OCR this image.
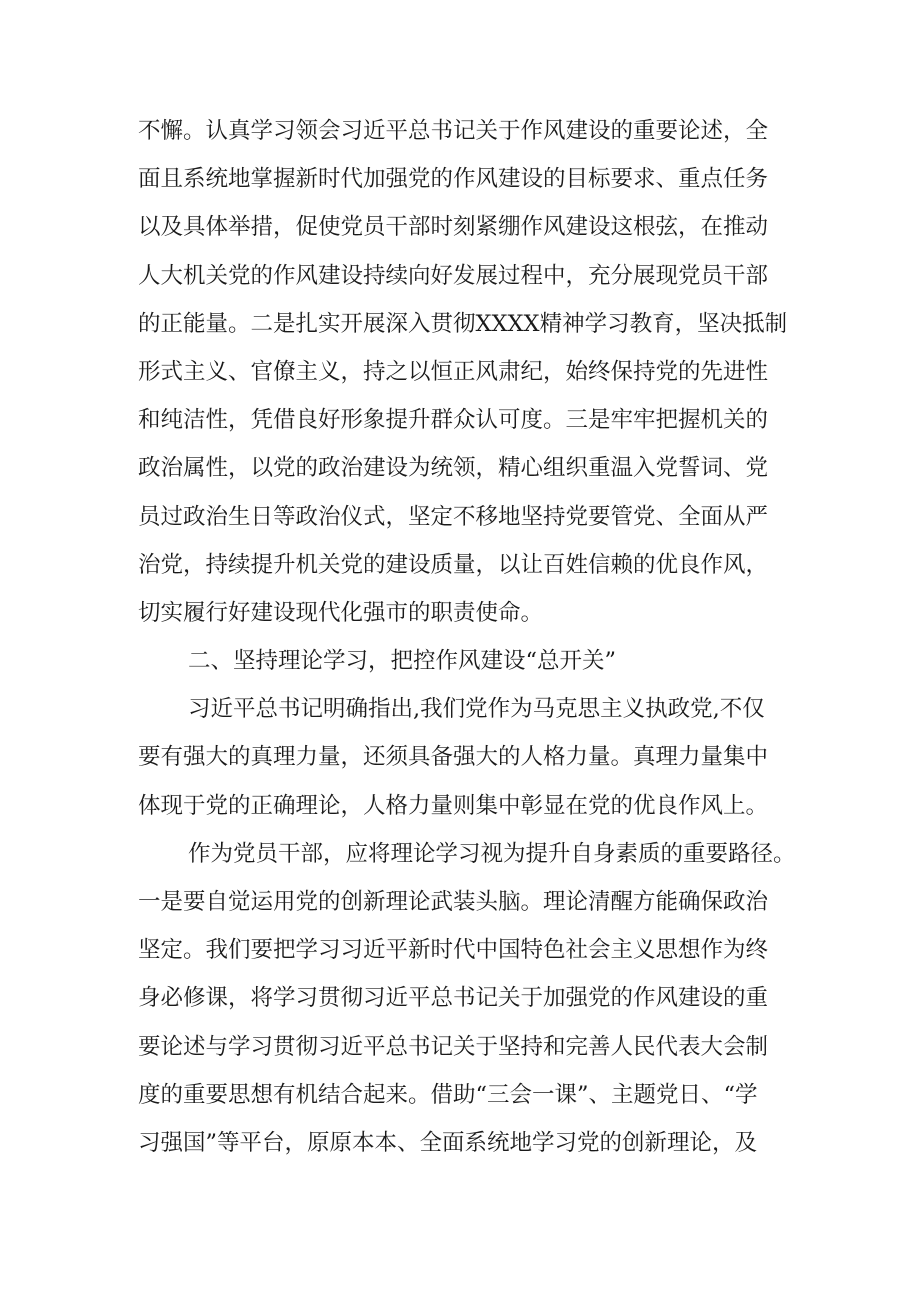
不懈。认真学习领会习近平总书记关于作风建设的重要论述，全
面且系统地掌握新时代加强党的作风建设的目标要求、重点任务
以及具体举措，促使党员干部时刻紧绷作风建设这根弦，在推动
人大机关党的作风建设持续向好发展过程中，充分展现党员干部
的正能量。二是扎实开展深入贯彻XXXX精神学习教育，坚决抵制
形式主义、官僚主义，持之以恒正风肃纪，始终保持党的先进性
和纯洁性，凭借良好形象提升群众认可度。三是牢牢把握机关的
政治属性，以党的政治建设为统领，精心组织重温入党誓词、党
员过政治生日等政治仪式，坚定不移地坚持党要管党、全面从严
治党，持续提升机关党的建设质量，以让百姓信赖的优良作风，
切实履行好建设现代化强市的职责使命。
二、坚持理论学习，把控作风建设“总开关”
习近平总书记明确指出,我们党作为马克思主义执政党,不仅
要有强大的真理力量，还须具备强大的人格力量。真理力量集中
体现于党的正确理论，人格力量则集中彰显在党的优良作风上。
作为党员干部，应将理论学习视为提升自身素质的重要路径。
一是要自觉运用党的创新理论武装头脑。理论清醒方能确保政治
坚定。我们要把学习习近平新时代中国特色社会主义思想作为终
身必修课，将学习贯彻习近平总书记关于加强党的作风建设的重
要论述与学习贯彻习近平总书记关于坚持和完善人民代表大会制
度的重要思想有机结合起来。借助“三会一课”、主题党日、“学
习强国”等平台，原原本本、全面系统地学习党的创新理论，及
